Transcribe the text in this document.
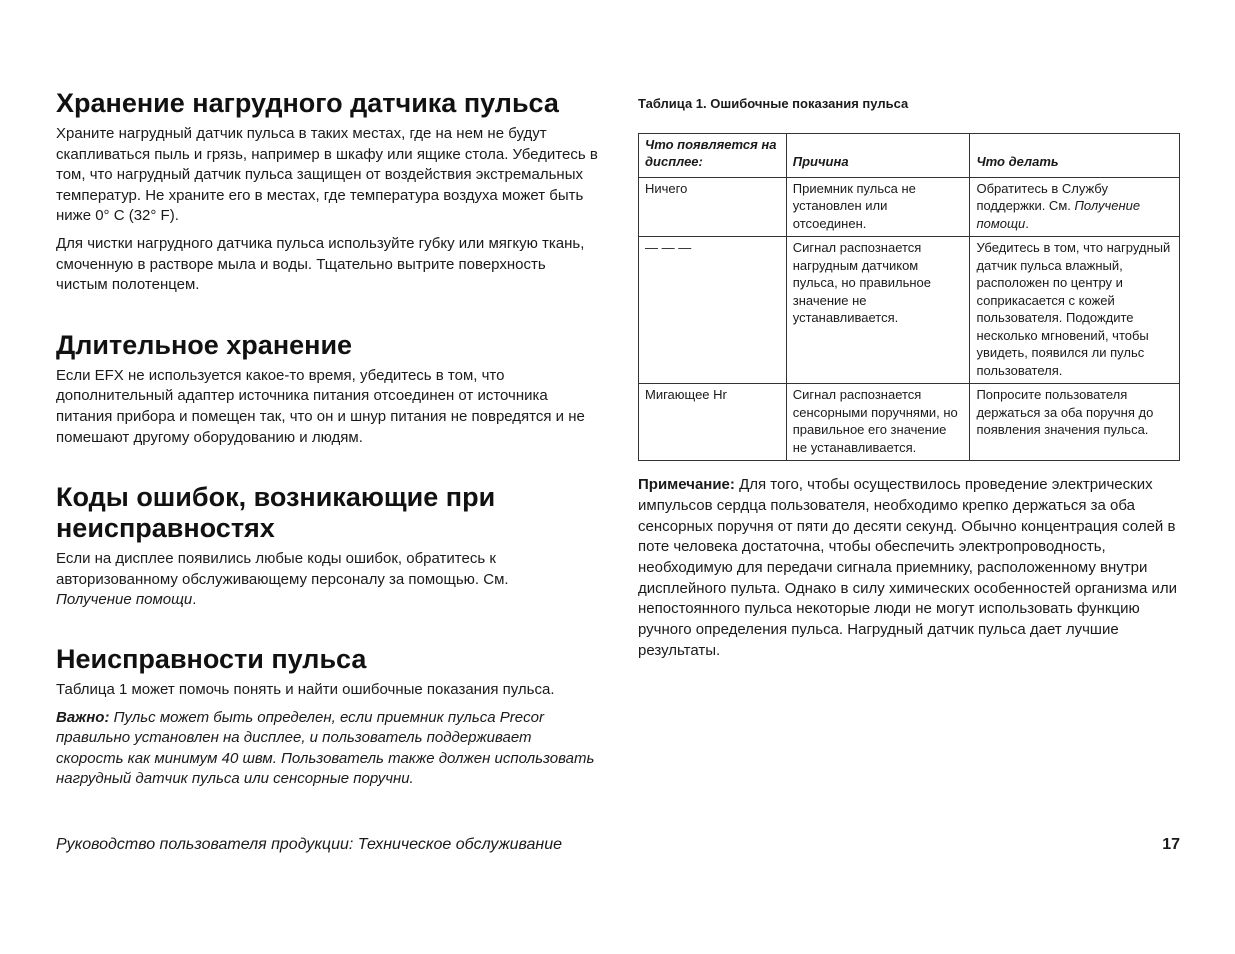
Хранение нагрудного датчика пульса

Храните нагрудный датчик пульса в таких местах, где на нем не будут скапливаться пыль и грязь, например в шкафу или ящике стола. Убедитесь в том, что нагрудный датчик пульса защищен от воздействия экстремальных температур. Не храните его в местах, где температура воздуха может быть ниже 0° C (32° F).

Для чистки нагрудного датчика пульса используйте губку или мягкую ткань, смоченную в растворе мыла и воды. Тщательно вытрите поверхность чистым полотенцем.

Длительное хранение

Если EFX не используется какое-то время, убедитесь в том, что дополнительный адаптер источника питания отсоединен от источника питания прибора и помещен так, что он и шнур питания не повредятся и не помешают другому оборудованию и людям.

Коды ошибок, возникающие при неисправностях

Если на дисплее появились любые коды ошибок, обратитесь к авторизованному обслуживающему персоналу за помощью. См.
Получение помощи.

Неисправности пульса

Таблица 1 может помочь понять и найти ошибочные показания пульса.

Важно: Пульс может быть определен, если приемник пульса Precor правильно установлен на дисплее, и пользователь поддерживает скорость как минимум 40 швм. Пользователь также должен использовать нагрудный датчик пульса или сенсорные поручни.

Таблица 1. Ошибочные показания пульса

Что появляется на дисплее:	Причина	Что делать
Ничего	Приемник пульса не установлен или отсоединен.	Обратитесь в Службу поддержки. См. Получение помощи.
— — —	Сигнал распознается нагрудным датчиком пульса, но правильное значение не устанавливается.	Убедитесь в том, что нагрудный датчик пульса влажный, расположен по центру и соприкасается с кожей пользователя. Подождите несколько мгновений, чтобы увидеть, появился ли пульс пользователя.
Мигающее Hr	Сигнал распознается сенсорными поручнями, но правильное его значение не устанавливается.	Попросите пользователя держаться за оба поручня до появления значения пульса.

Примечание: Для того, чтобы осуществилось проведение электрических импульсов сердца пользователя, необходимо крепко держаться за оба сенсорных поручня от пяти до десяти секунд. Обычно концентрация солей в поте человека достаточна, чтобы обеспечить электропроводность, необходимую для передачи сигнала приемнику, расположенному внутри дисплейного пульта. Однако в силу химических особенностей организма или непостоянного пульса некоторые люди не могут использовать функцию ручного определения пульса. Нагрудный датчик пульса дает лучшие результаты.

Руководство пользователя продукции: Техническое обслуживание	17
